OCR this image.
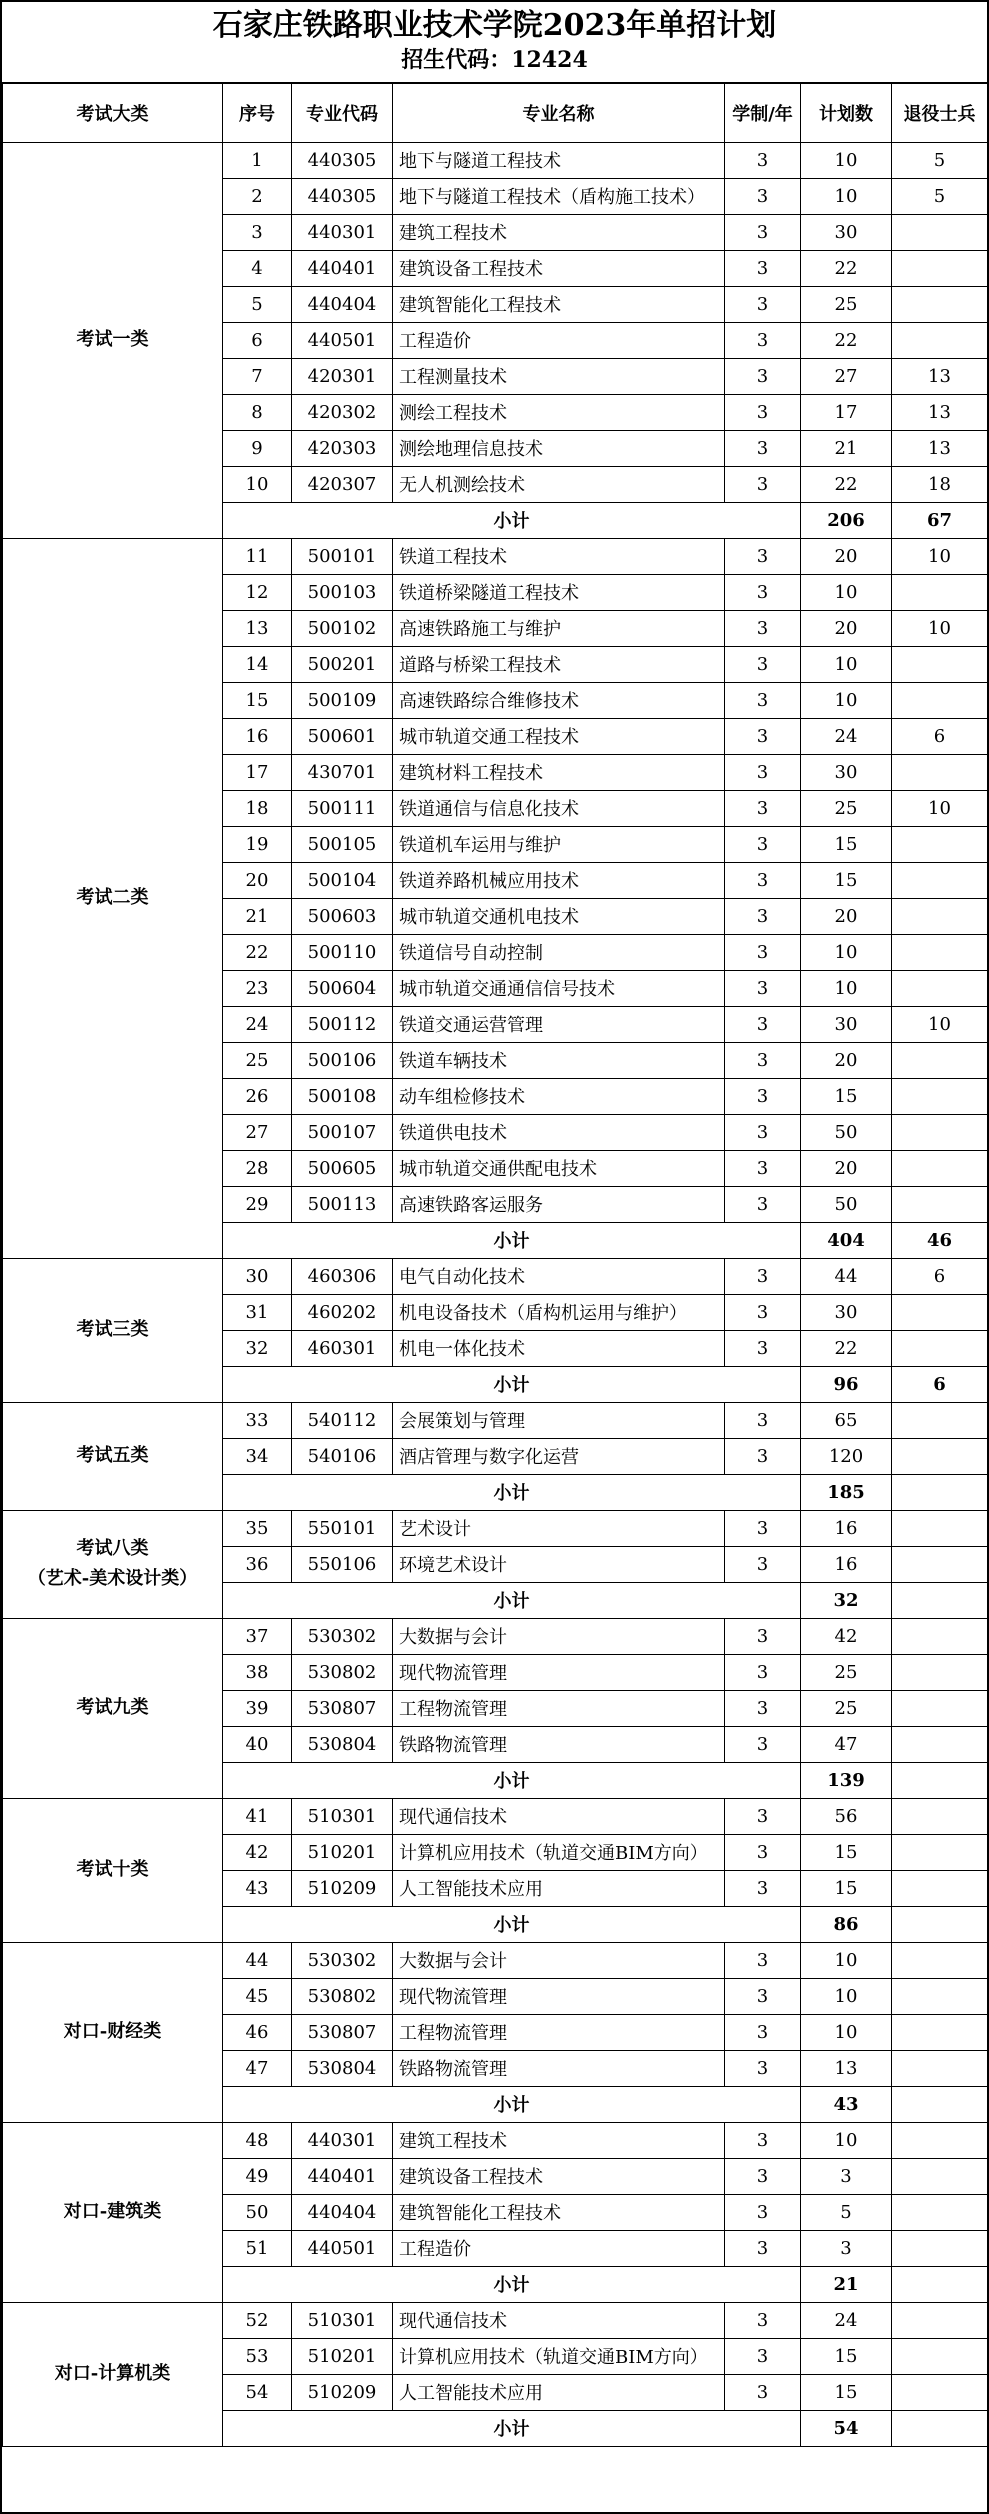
石家庄铁路职业技术学院2023年单招计划
招生代码：12424
考试大类	序号	专业代码	专业名称	学制/年	计划数	退役士兵

考试一类	1	440305	地下与隧道工程技术	3	10	5
	2	440305	地下与隧道工程技术（盾构施工技术）	3	10	5
	3	440301	建筑工程技术	3	30	
	4	440401	建筑设备工程技术	3	22	
	5	440404	建筑智能化工程技术	3	25	
	6	440501	工程造价	3	22	
	7	420301	工程测量技术	3	27	13
	8	420302	测绘工程技术	3	17	13
	9	420303	测绘地理信息技术	3	21	13
	10	420307	无人机测绘技术	3	22	18
	小计				206	67

考试二类	11	500101	铁道工程技术	3	20	10
	12	500103	铁道桥梁隧道工程技术	3	10	
	13	500102	高速铁路施工与维护	3	20	10
	14	500201	道路与桥梁工程技术	3	10	
	15	500109	高速铁路综合维修技术	3	10	
	16	500601	城市轨道交通工程技术	3	24	6
	17	430701	建筑材料工程技术	3	30	
	18	500111	铁道通信与信息化技术	3	25	10
	19	500105	铁道机车运用与维护	3	15	
	20	500104	铁道养路机械应用技术	3	15	
	21	500603	城市轨道交通机电技术	3	20	
	22	500110	铁道信号自动控制	3	10	
	23	500604	城市轨道交通通信信号技术	3	10	
	24	500112	铁道交通运营管理	3	30	10
	25	500106	铁道车辆技术	3	20	
	26	500108	动车组检修技术	3	15	
	27	500107	铁道供电技术	3	50	
	28	500605	城市轨道交通供配电技术	3	20	
	29	500113	高速铁路客运服务	3	50	
	小计				404	46

考试三类	30	460306	电气自动化技术	3	44	6
	31	460202	机电设备技术（盾构机运用与维护）	3	30	
	32	460301	机电一体化技术	3	22	
	小计				96	6

考试五类	33	540112	会展策划与管理	3	65	
	34	540106	酒店管理与数字化运营	3	120	
	小计				185	

考试八类
（艺术-美术设计类）	35	550101	艺术设计	3	16	
	36	550106	环境艺术设计	3	16	
	小计				32	

考试九类	37	530302	大数据与会计	3	42	
	38	530802	现代物流管理	3	25	
	39	530807	工程物流管理	3	25	
	40	530804	铁路物流管理	3	47	
	小计				139	

考试十类	41	510301	现代通信技术	3	56	
	42	510201	计算机应用技术（轨道交通BIM方向）	3	15	
	43	510209	人工智能技术应用	3	15	
	小计				86	

对口-财经类	44	530302	大数据与会计	3	10	
	45	530802	现代物流管理	3	10	
	46	530807	工程物流管理	3	10	
	47	530804	铁路物流管理	3	13	
	小计				43	

对口-建筑类	48	440301	建筑工程技术	3	10	
	49	440401	建筑设备工程技术	3	3	
	50	440404	建筑智能化工程技术	3	5	
	51	440501	工程造价	3	3	
	小计				21	

对口-计算机类	52	510301	现代通信技术	3	24	
	53	510201	计算机应用技术（轨道交通BIM方向）	3	15	
	54	510209	人工智能技术应用	3	15	
	小计				54	
